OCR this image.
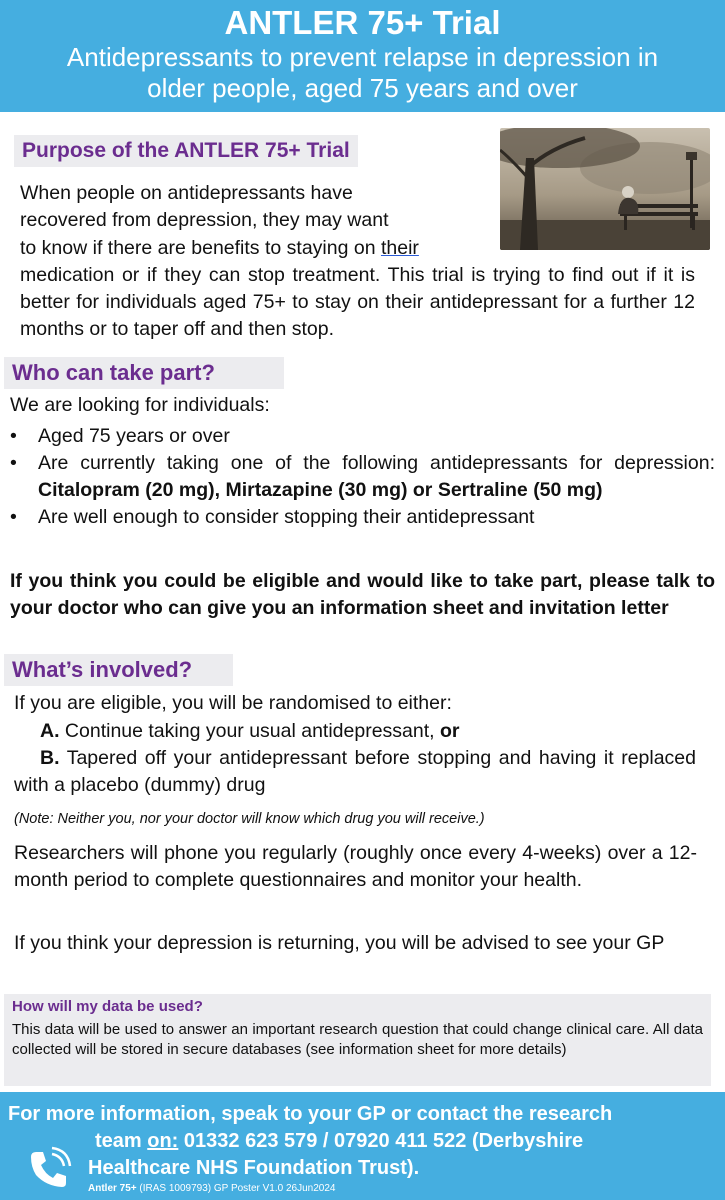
ANTLER 75+ Trial
Antidepressants to prevent relapse in depression in
older people, aged 75 years and over
Purpose of the ANTLER 75+ Trial
When people on antidepressants have
recovered from depression, they may want
to know if there are benefits to staying on their
medication or if they can stop treatment. This trial is trying to find out if it is better for individuals aged 75+ to stay on their antidepressant for a further 12 months or to taper off and then stop.
Who can take part?
We are looking for individuals:
• Aged 75 years or over
• Are currently taking one of the following antidepressants for depression: Citalopram (20 mg), Mirtazapine (30 mg) or Sertraline (50 mg)
• Are well enough to consider stopping their antidepressant
If you think you could be eligible and would like to take part, please talk to your doctor who can give you an information sheet and invitation letter
What’s involved?
If you are eligible, you will be randomised to either:
A. Continue taking your usual antidepressant, or
B. Tapered off your antidepressant before stopping and having it replaced with a placebo (dummy) drug
(Note: Neither you, nor your doctor will know which drug you will receive.)
Researchers will phone you regularly (roughly once every 4-weeks) over a 12-month period to complete questionnaires and monitor your health.
If you think your depression is returning, you will be advised to see your GP
How will my data be used?
This data will be used to answer an important research question that could change clinical care. All data collected will be stored in secure databases (see information sheet for more details)
For more information, speak to your GP or contact the research
team on: 01332 623 579 / 07920 411 522 (Derbyshire
Healthcare NHS Foundation Trust).
Antler 75+ (IRAS 1009793) GP Poster V1.0 26Jun2024
